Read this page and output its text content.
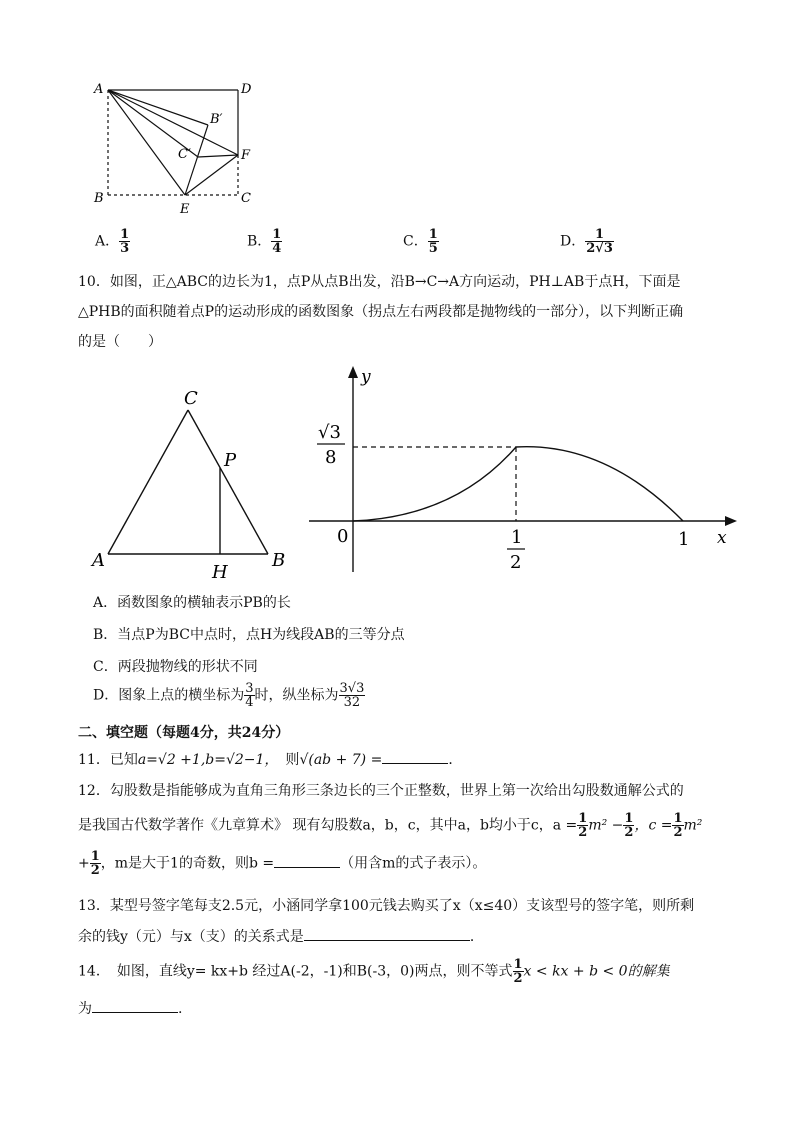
A	D
B′
C′	F
B
E
C
A． $\frac{1}{3}$	B． $\frac{1}{4}$	C． $\frac{1}{5}$	D． $\frac{1}{2√3}$
10．如图，正△ABC的边长为1，点P从点B出发，沿B→C→A方向运动，PH⊥AB于点H，下面是
△PHB的面积随着点P的运动形成的函数图象（拐点左右两段都是抛物线的一部分），以下判断正确
的是（　　）
C
P
A
H
B
y
x
0
√3
8
1
2
1
A．函数图象的横轴表示PB的长
B．当点P为BC中点时，点H为线段AB的三等分点
C．两段抛物线的形状不同
D．图象上点的横坐标为 $\frac{3}{4}$ 时，纵坐标为 $\frac{3√3}{32}$
二、填空题（每题4分，共24分）
11．已知a=√2 +1,b=√2−1，　则√(ab + 7) =	．
12．勾股数是指能够成为直角三角形三条边长的三个正整数，世界上第一次给出勾股数通解公式的
是我国古代数学著作《九章算术》 现有勾股数a，b，c，其中a，b均小于c，$a = \frac{1}{2} m^2 - \frac{1}{2}$ ，$c = \frac{1}{2} m^2$
+ $\frac{1}{2}$ ，m是大于1的奇数，则b =	（用含m的式子表示）。
13．某型号签字笔每支2.5元，小涵同学拿100元钱去购买了x（x≤40）支该型号的签字笔，则所剩
余的钱y（元）与x（支）的关系式是	．
14．　如图，直线y= kx+b 经过A(-2，-1)和B(-3，0)两点，则不等式 $\frac{1}{2}$ x < kx + b < 0的解集
为	.
